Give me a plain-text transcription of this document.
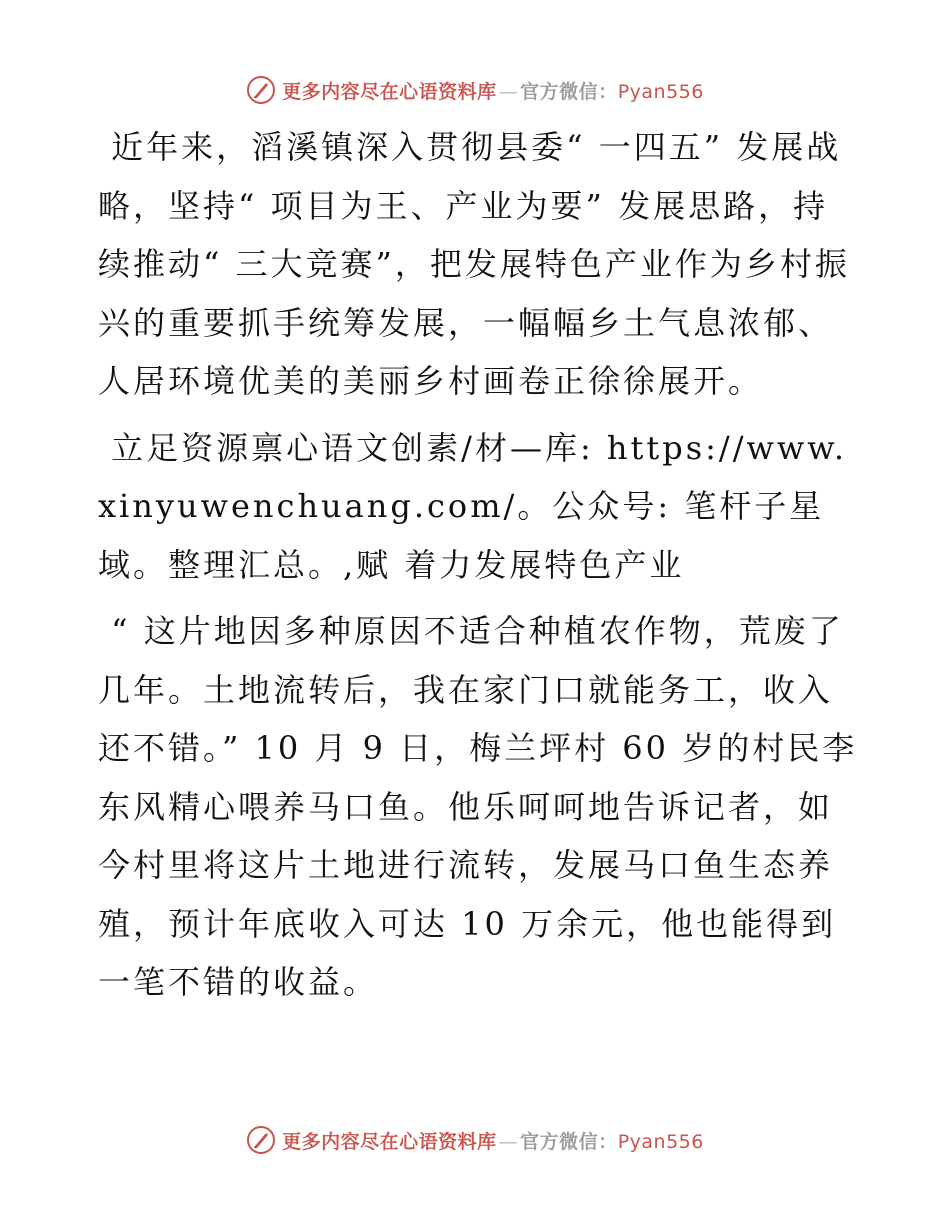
更多内容尽在心语资料库 — 官方微信：Pyan556

近年来，滔溪镇深入贯彻县委“ 一四五” 发展战略，坚持“ 项目为王、产业为要” 发展思路，持续推动“ 三大竞赛”，把发展特色产业作为乡村振兴的重要抓手统筹发展，一幅幅乡土气息浓郁、人居环境优美的美丽乡村画卷正徐徐展开。

立足资源禀心语文创素/材—库: https://www.xinyuwenchuang.com/。公众号: 笔杆子星域。整理汇总。,赋 着力发展特色产业

“ 这片地因多种原因不适合种植农作物，荒废了几年。土地流转后，我在家门口就能务工，收入还不错。” 10 月 9 日，梅兰坪村 60 岁的村民李东风精心喂养马口鱼。他乐呵呵地告诉记者，如今村里将这片土地进行流转，发展马口鱼生态养殖，预计年底收入可达 10 万余元，他也能得到一笔不错的收益。

更多内容尽在心语资料库 — 官方微信：Pyan556
